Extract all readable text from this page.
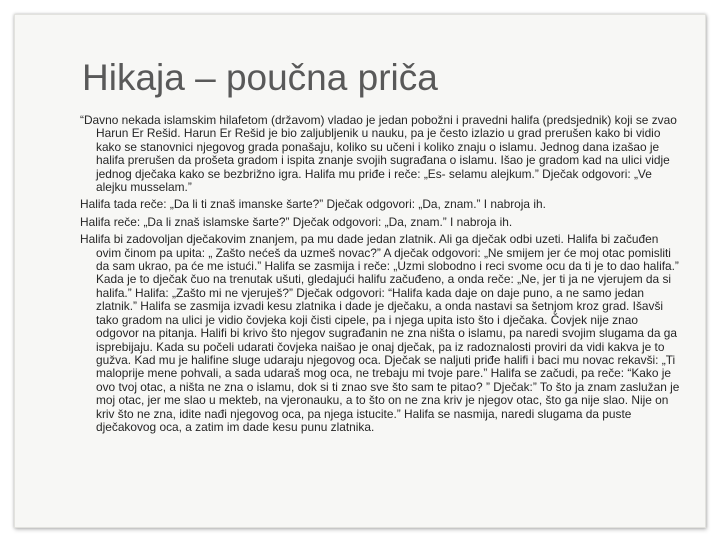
Hikaja – poučna priča

“Davno nekada islamskim hilafetom (državom) vladao je jedan pobožni i pravedni halifa (predsjednik) koji se zvao Harun Er Rešid. Harun Er Rešid je bio zaljubljenik u nauku, pa je često izlazio u grad prerušen kako bi vidio kako se stanovnici njegovog grada ponašaju, koliko su učeni i koliko znaju o islamu. Jednog dana izašao je halifa prerušen da prošeta gradom i ispita znanje svojih sugrađana o islamu. Išao je gradom kad na ulici vidje jednog dječaka kako se bezbrižno igra. Halifa mu priđe i reče: „Es- selamu alejkum.” Dječak odgovori: „Ve alejku musselam.”

Halifa tada reče: „Da li ti znaš imanske šarte?” Dječak odgovori: „Da, znam.” I nabroja ih.

Halifa reče: „Da li znaš islamske šarte?” Dječak odgovori: „Da, znam.” I nabroja ih.

Halifa bi zadovoljan dječakovim znanjem, pa mu dade jedan zlatnik. Ali ga dječak odbi uzeti. Halifa bi začuđen ovim činom pa upita: „ Zašto nećeš da uzmeš novac?” A dječak odgovori: „Ne smijem jer će moj otac pomisliti da sam ukrao, pa će me istući.” Halifa se zasmija i reče: „Uzmi slobodno i reci svome ocu da ti je to dao halifa.” Kada je to dječak čuo na trenutak ušuti, gledajući halifu začuđeno, a onda reče: „Ne, jer ti ja ne vjerujem da si halifa.” Halifa: „Zašto mi ne vjeruješ?” Dječak odgovori: “Halifa kada daje on daje puno, a ne samo jedan zlatnik.” Halifa se zasmija izvadi kesu zlatnika i dade je dječaku, a onda nastavi sa šetnjom kroz grad. Išavši tako gradom na ulici je vidio čovjeka koji čisti cipele, pa i njega upita isto što i dječaka. Čovjek nije znao odgovor na pitanja. Halifi bi krivo što njegov sugrađanin ne zna ništa o islamu, pa naredi svojim slugama da ga isprebijaju. Kada su počeli udarati čovjeka naišao je onaj dječak, pa iz radoznalosti proviri da vidi kakva je to gužva. Kad mu je halifine sluge udaraju njegovog oca. Dječak se naljuti priđe halifi i baci mu novac rekavši: „Ti maloprije mene pohvali, a sada udaraš mog oca, ne trebaju mi tvoje pare.” Halifa se začudi, pa reče: “Kako je ovo tvoj otac, a ništa ne zna o islamu, dok si ti znao sve što sam te pitao? ” Dječak:” To što ja znam zaslužan je moj otac, jer me slao u mekteb, na vjeronauku, a to što on ne zna kriv je njegov otac, što ga nije slao. Nije on kriv što ne zna, idite nađi njegovog oca, pa njega istucite.” Halifa se nasmija, naredi slugama da puste dječakovog oca, a zatim im dade kesu punu zlatnika.
